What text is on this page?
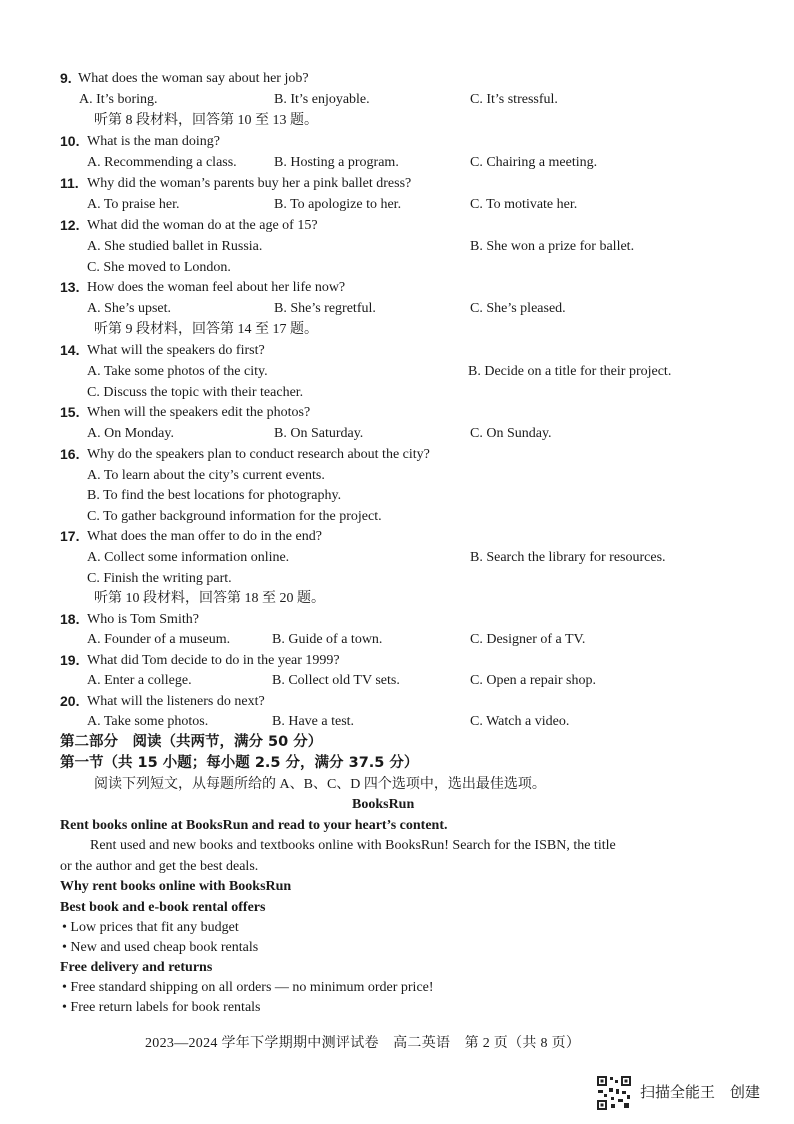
9. What does the woman say about her job?
A. It’s boring.	B. It’s enjoyable.	C. It’s stressful.
听第 8 段材料，回答第 10 至 13 题。
10. What is the man doing?
A. Recommending a class.	B. Hosting a program.	C. Chairing a meeting.
11. Why did the woman’s parents buy her a pink ballet dress?
A. To praise her.	B. To apologize to her.	C. To motivate her.
12. What did the woman do at the age of 15?
A. She studied ballet in Russia.	B. She won a prize for ballet.
C. She moved to London.
13. How does the woman feel about her life now?
A. She’s upset.	B. She’s regretful.	C. She’s pleased.
听第 9 段材料，回答第 14 至 17 题。
14. What will the speakers do first?
A. Take some photos of the city.	B. Decide on a title for their project.
C. Discuss the topic with their teacher.
15. When will the speakers edit the photos?
A. On Monday.	B. On Saturday.	C. On Sunday.
16. Why do the speakers plan to conduct research about the city?
A. To learn about the city’s current events.
B. To find the best locations for photography.
C. To gather background information for the project.
17. What does the man offer to do in the end?
A. Collect some information online.	B. Search the library for resources.
C. Finish the writing part.
听第 10 段材料，回答第 18 至 20 题。
18. Who is Tom Smith?
A. Founder of a museum.	B. Guide of a town.	C. Designer of a TV.
19. What did Tom decide to do in the year 1999?
A. Enter a college.	B. Collect old TV sets.	C. Open a repair shop.
20. What will the listeners do next?
A. Take some photos.	B. Have a test.	C. Watch a video.
第二部分　阅读（共两节，满分 50 分）
第一节（共 15 小题；每小题 2.5 分，满分 37.5 分）
阅读下列短文，从每题所给的 A、B、C、D 四个选项中，选出最佳选项。
BooksRun
Rent books online at BooksRun and read to your heart’s content.
Rent used and new books and textbooks online with BooksRun! Search for the ISBN, the title
or the author and get the best deals.
Why rent books online with BooksRun
Best book and e-book rental offers
• Low prices that fit any budget
• New and used cheap book rentals
Free delivery and returns
• Free standard shipping on all orders — no minimum order price!
• Free return labels for book rentals
2023—2024 学年下学期期中测评试卷　高二英语　第 2 页（共 8 页）
扫描全能王　创建
